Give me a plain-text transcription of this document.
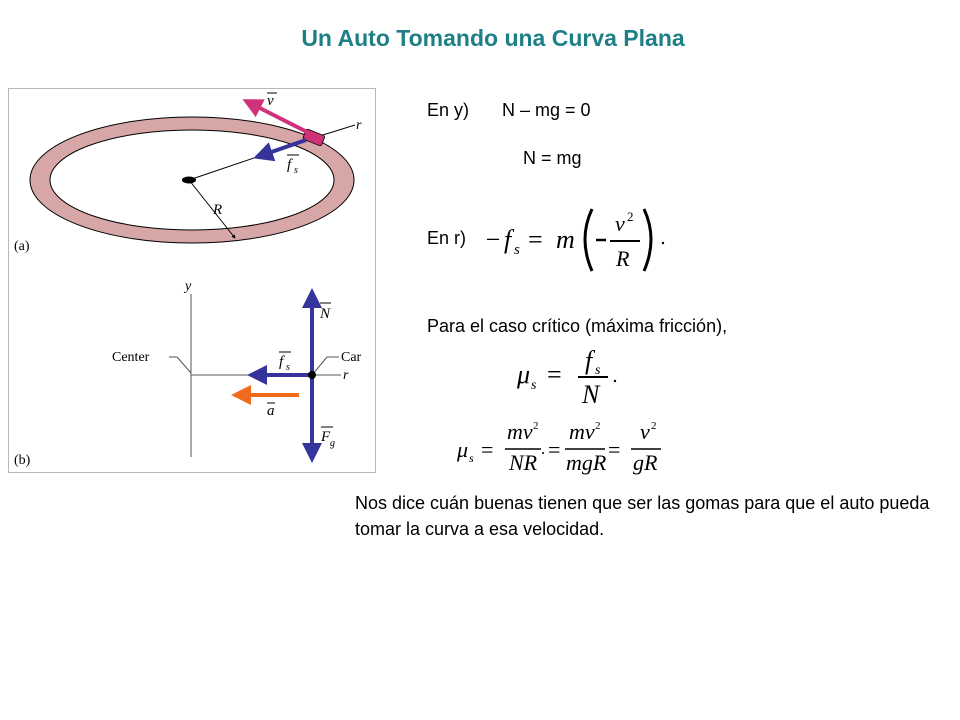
Un Auto Tomando una Curva Plana
v
r
f s
R
(a)
y
r
Center	Car
N
f s
a
F g
(b)
En y) N – mg = 0
N = mg
En r) − f s = m
v 2
R
Para el caso crítico (máxima fricción),
μ s = f s
N
μ s =
mv 2
NR
=
mv 2
mgR
=
v 2
gR
Nos dice cuán buenas tienen que ser las gomas para que el auto pueda tomar la curva a esa velocidad.
